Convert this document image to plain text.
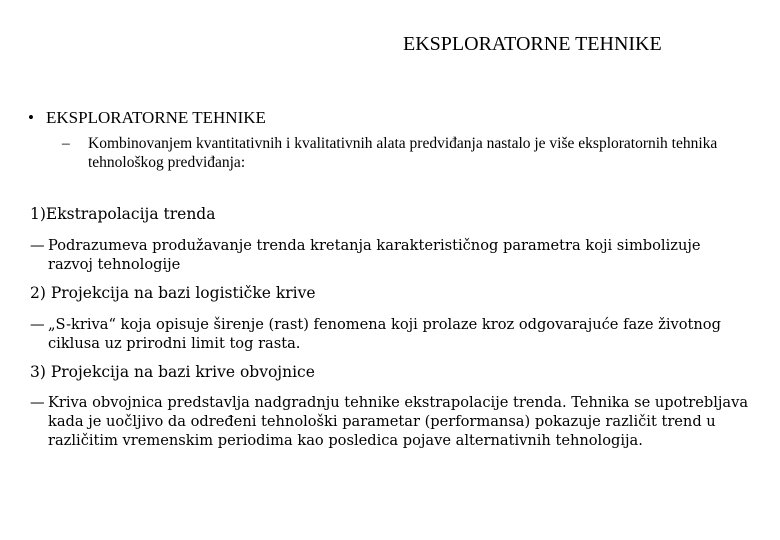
EKSPLORATORNE TEHNIKE
• EKSPLORATORNE TEHNIKE
– Kombinovanjem kvantitativnih i kvalitativnih alata predviđanja nastalo je više eksploratornih tehnika tehnološkog predviđanja:
1)Ekstrapolacija trenda
— Podrazumeva produžavanje trenda kretanja karakterističnog parametra koji simbolizuje razvoj tehnologije
2) Projekcija na bazi logističke krive
— „S-kriva“ koja opisuje širenje (rast) fenomena koji prolaze kroz odgovarajuće faze životnog ciklusa uz prirodni limit tog rasta.
3) Projekcija na bazi krive obvojnice
— Kriva obvojnica predstavlja nadgradnju tehnike ekstrapolacije trenda. Tehnika se upotrebljava kada je uočljivo da određeni tehnološki parametar (performansa) pokazuje različit trend u različitim vremenskim periodima kao posledica pojave alternativnih tehnologija.
